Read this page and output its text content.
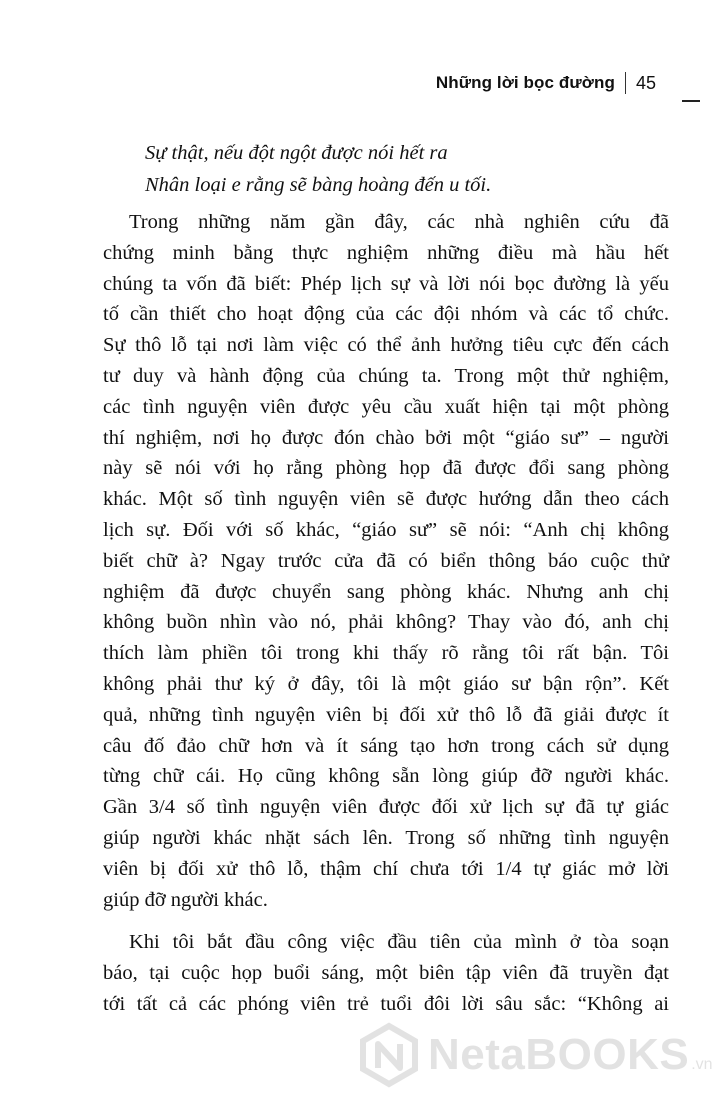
Những lời bọc đường	45
Sự thật, nếu đột ngột được nói hết ra
Nhân loại e rằng sẽ bàng hoàng đến u tối.
Trong những năm gần đây, các nhà nghiên cứu đã
chứng minh bằng thực nghiệm những điều mà hầu hết
chúng ta vốn đã biết: Phép lịch sự và lời nói bọc đường là yếu
tố cần thiết cho hoạt động của các đội nhóm và các tổ chức.
Sự thô lỗ tại nơi làm việc có thể ảnh hưởng tiêu cực đến cách
tư duy và hành động của chúng ta. Trong một thử nghiệm,
các tình nguyện viên được yêu cầu xuất hiện tại một phòng
thí nghiệm, nơi họ được đón chào bởi một “giáo sư” – người
này sẽ nói với họ rằng phòng họp đã được đổi sang phòng
khác. Một số tình nguyện viên sẽ được hướng dẫn theo cách
lịch sự. Đối với số khác, “giáo sư” sẽ nói: “Anh chị không
biết chữ à? Ngay trước cửa đã có biển thông báo cuộc thử
nghiệm đã được chuyển sang phòng khác. Nhưng anh chị
không buồn nhìn vào nó, phải không? Thay vào đó, anh chị
thích làm phiền tôi trong khi thấy rõ rằng tôi rất bận. Tôi
không phải thư ký ở đây, tôi là một giáo sư bận rộn”. Kết
quả, những tình nguyện viên bị đối xử thô lỗ đã giải được ít
câu đố đảo chữ hơn và ít sáng tạo hơn trong cách sử dụng
từng chữ cái. Họ cũng không sẵn lòng giúp đỡ người khác.
Gần 3/4 số tình nguyện viên được đối xử lịch sự đã tự giác
giúp người khác nhặt sách lên. Trong số những tình nguyện
viên bị đối xử thô lỗ, thậm chí chưa tới 1/4 tự giác mở lời
giúp đỡ người khác.
Khi tôi bắt đầu công việc đầu tiên của mình ở tòa soạn
báo, tại cuộc họp buổi sáng, một biên tập viên đã truyền đạt
tới tất cả các phóng viên trẻ tuổi đôi lời sâu sắc: “Không ai
NetaBOOKS .vn
